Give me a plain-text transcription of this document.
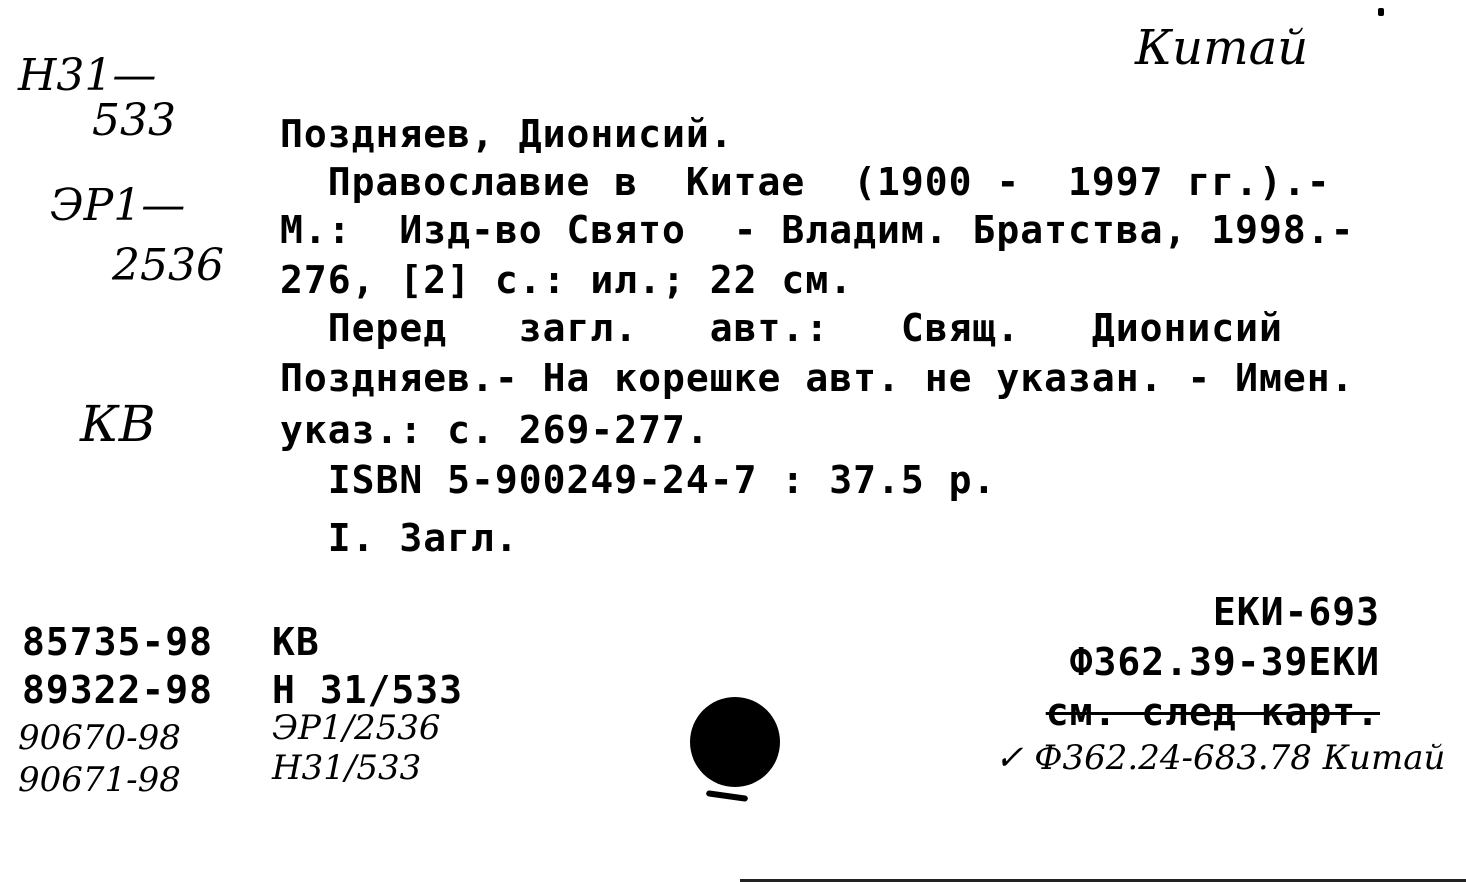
Китай
Н31—
533
ЭР1—
2536
КВ
Поздняев, Дионисий.
Православие в  Китае  (1900 -  1997 гг.).-
М.:  Изд-во Свято  - Владим. Братства, 1998.-
276, [2] с.: ил.; 22 см.
Перед   загл.   авт.:   Свящ.   Дионисий
Поздняев.- На корешке авт. не указан. - Имен.
указ.: с. 269-277.
ISBN 5-900249-24-7 : 37.5 р.
I. Загл.
85735-98 КВ
89322-98 Н 31/533
90670-98	ЭР1/2536
90671-98	Н31/533
ЕКИ-693
Ф362.39-39ЕКИ
см. след карт.
✓ Ф362.24-683.78 Китай
